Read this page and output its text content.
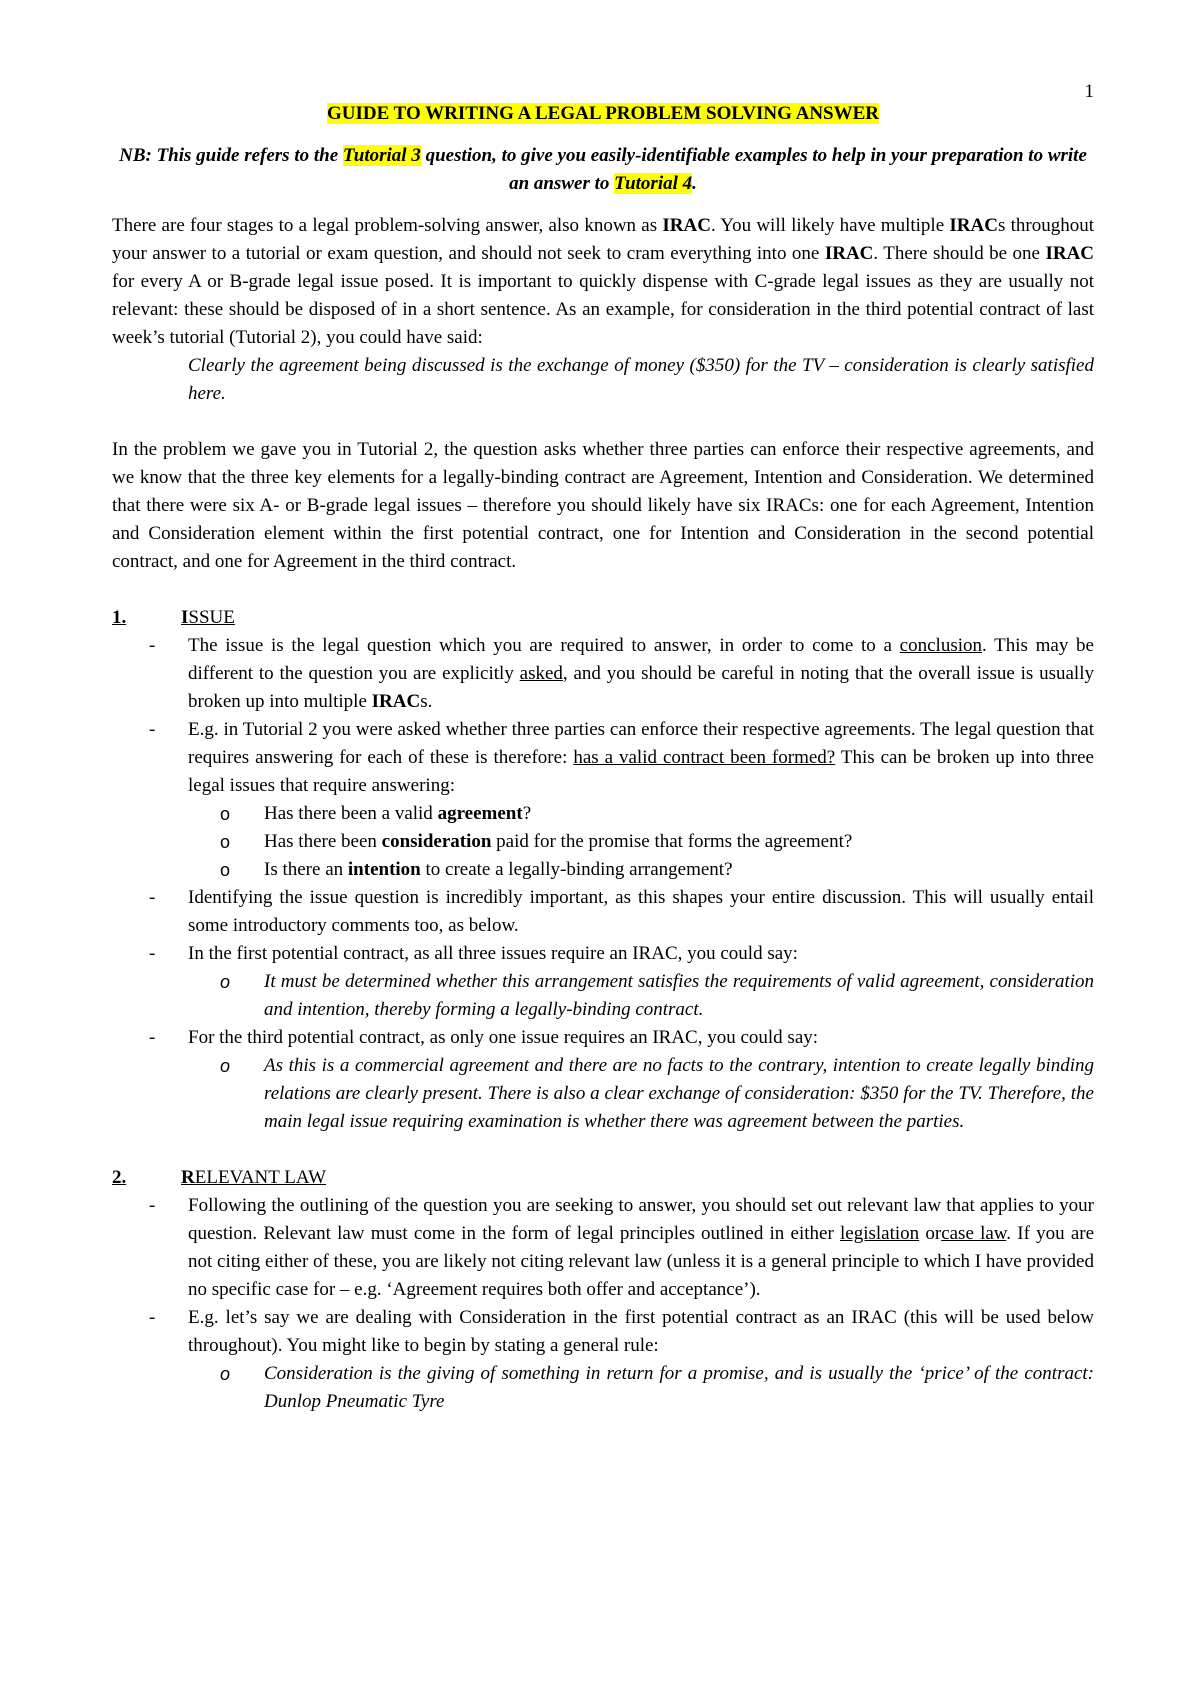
1

GUIDE TO WRITING A LEGAL PROBLEM SOLVING ANSWER

NB: This guide refers to the Tutorial 3 question, to give you easily-identifiable examples to help in your preparation to write an answer to Tutorial 4.

There are four stages to a legal problem-solving answer, also known as IRAC. You will likely have multiple IRACs throughout your answer to a tutorial or exam question, and should not seek to cram everything into one IRAC. There should be one IRAC for every A or B-grade legal issue posed. It is important to quickly dispense with C-grade legal issues as they are usually not relevant: these should be disposed of in a short sentence. As an example, for consideration in the third potential contract of last week’s tutorial (Tutorial 2), you could have said:

Clearly the agreement being discussed is the exchange of money ($350) for the TV – consideration is clearly satisfied here.

In the problem we gave you in Tutorial 2, the question asks whether three parties can enforce their respective agreements, and we know that the three key elements for a legally-binding contract are Agreement, Intention and Consideration. We determined that there were six A- or B-grade legal issues – therefore you should likely have six IRACs: one for each Agreement, Intention and Consideration element within the first potential contract, one for Intention and Consideration in the second potential contract, and one for Agreement in the third contract.

1.	ISSUE
- The issue is the legal question which you are required to answer, in order to come to a conclusion. This may be different to the question you are explicitly asked, and you should be careful in noting that the overall issue is usually broken up into multiple IRACs.
- E.g. in Tutorial 2 you were asked whether three parties can enforce their respective agreements. The legal question that requires answering for each of these is therefore: has a valid contract been formed? This can be broken up into three legal issues that require answering:
o Has there been a valid agreement?
o Has there been consideration paid for the promise that forms the agreement?
o Is there an intention to create a legally-binding arrangement?
- Identifying the issue question is incredibly important, as this shapes your entire discussion. This will usually entail some introductory comments too, as below.
- In the first potential contract, as all three issues require an IRAC, you could say:
o It must be determined whether this arrangement satisfies the requirements of valid agreement, consideration and intention, thereby forming a legally-binding contract.
- For the third potential contract, as only one issue requires an IRAC, you could say:
o As this is a commercial agreement and there are no facts to the contrary, intention to create legally binding relations are clearly present. There is also a clear exchange of consideration: $350 for the TV. Therefore, the main legal issue requiring examination is whether there was agreement between the parties.
2.	RELEVANT LAW
- Following the outlining of the question you are seeking to answer, you should set out relevant law that applies to your question. Relevant law must come in the form of legal principles outlined in either legislation orcase law. If you are not citing either of these, you are likely not citing relevant law (unless it is a general principle to which I have provided no specific case for – e.g. ‘Agreement requires both offer and acceptance’).
- E.g. let’s say we are dealing with Consideration in the first potential contract as an IRAC (this will be used below throughout). You might like to begin by stating a general rule:
o Consideration is the giving of something in return for a promise, and is usually the ‘price’ of the contract: Dunlop Pneumatic Tyre
